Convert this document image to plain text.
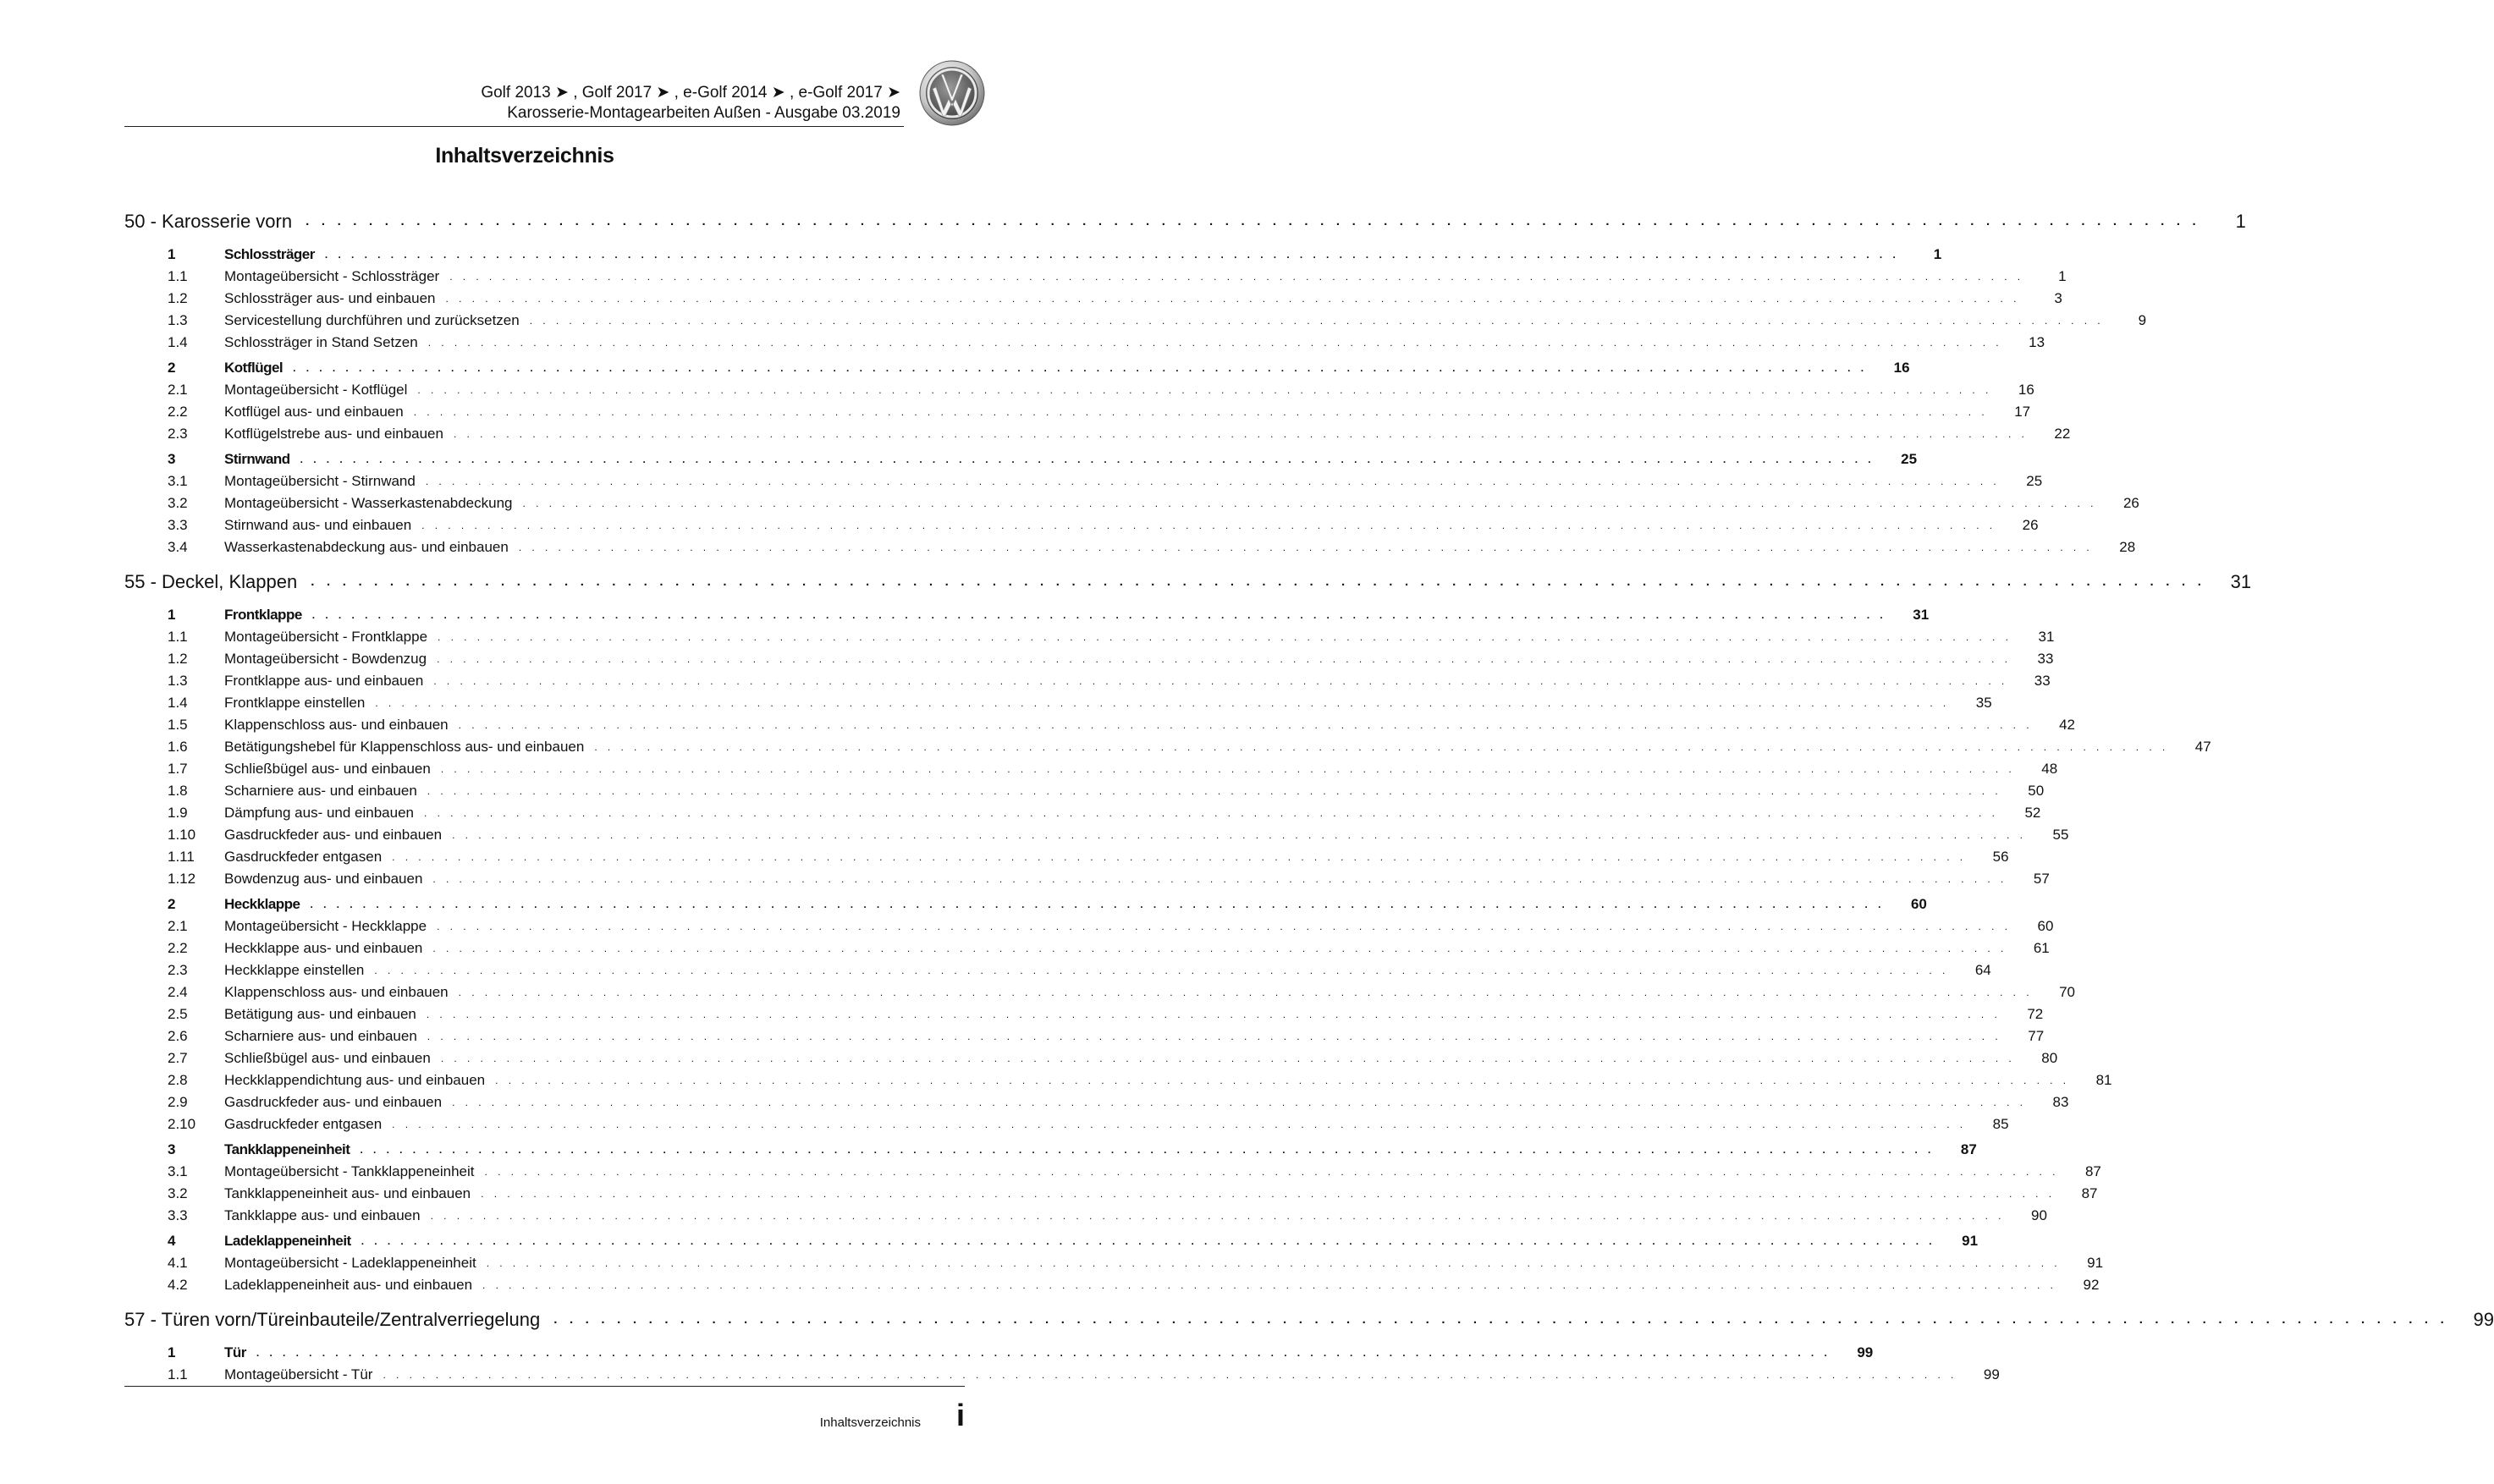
Golf 2013 ➤ , Golf 2017 ➤ , e-Golf 2014 ➤ , e-Golf 2017 ➤
Karosserie-Montagearbeiten Außen - Ausgabe 03.2019
Inhaltsverzeichnis
50 - Karosserie vorn	. . . . . . . . . . . . . . . . . . . . . . . . . . . . . . . . . . . . . . . . . . . . . . . . . . . . . . . . . . . . . . . . . . . . . . . . . . . . . . . . . . . . . . . . . . . . . . . . . . . . . . . . . . . . . . . . . . . . . . . .	1
1	Schlossträger	. . . . . . . . . . . . . . . . . . . . . . . . . . . . . . . . . . . . . . . . . . . . . . . . . . . . . . . . . . . . . . . . . . . . . . . . . . . . . . . . . . . . . . . . . . . . . . . . . . . . . . . . . . . . . . . . . . . . . . . .	1
1.1	Montageübersicht - Schlossträger	. . . . . . . . . . . . . . . . . . . . . . . . . . . . . . . . . . . . . . . . . . . . . . . . . . . . . . . . . . . . . . . . . . . . . . . . . . . . . . . . . . . . . . . . . . . . . . . . . . . . . . . . . . . . . . . . . . . . . . . .	1
1.2	Schlossträger aus- und einbauen	. . . . . . . . . . . . . . . . . . . . . . . . . . . . . . . . . . . . . . . . . . . . . . . . . . . . . . . . . . . . . . . . . . . . . . . . . . . . . . . . . . . . . . . . . . . . . . . . . . . . . . . . . . . . . . . . . . . . . . . .	3
1.3	Servicestellung durchführen und zurücksetzen	. . . . . . . . . . . . . . . . . . . . . . . . . . . . . . . . . . . . . . . . . . . . . . . . . . . . . . . . . . . . . . . . . . . . . . . . . . . . . . . . . . . . . . . . . . . . . . . . . . . . . . . . . . . . . . . . . . . . . . . .	9
1.4	Schlossträger in Stand Setzen	. . . . . . . . . . . . . . . . . . . . . . . . . . . . . . . . . . . . . . . . . . . . . . . . . . . . . . . . . . . . . . . . . . . . . . . . . . . . . . . . . . . . . . . . . . . . . . . . . . . . . . . . . . . . . . . . . . . . . . . .	13
2	Kotflügel	. . . . . . . . . . . . . . . . . . . . . . . . . . . . . . . . . . . . . . . . . . . . . . . . . . . . . . . . . . . . . . . . . . . . . . . . . . . . . . . . . . . . . . . . . . . . . . . . . . . . . . . . . . . . . . . . . . . . . . . .	16
2.1	Montageübersicht - Kotflügel	. . . . . . . . . . . . . . . . . . . . . . . . . . . . . . . . . . . . . . . . . . . . . . . . . . . . . . . . . . . . . . . . . . . . . . . . . . . . . . . . . . . . . . . . . . . . . . . . . . . . . . . . . . . . . . . . . . . . . . . .	16
2.2	Kotflügel aus- und einbauen	. . . . . . . . . . . . . . . . . . . . . . . . . . . . . . . . . . . . . . . . . . . . . . . . . . . . . . . . . . . . . . . . . . . . . . . . . . . . . . . . . . . . . . . . . . . . . . . . . . . . . . . . . . . . . . . . . . . . . . . .	17
2.3	Kotflügelstrebe aus- und einbauen	. . . . . . . . . . . . . . . . . . . . . . . . . . . . . . . . . . . . . . . . . . . . . . . . . . . . . . . . . . . . . . . . . . . . . . . . . . . . . . . . . . . . . . . . . . . . . . . . . . . . . . . . . . . . . . . . . . . . . . . .	22
3	Stirnwand	. . . . . . . . . . . . . . . . . . . . . . . . . . . . . . . . . . . . . . . . . . . . . . . . . . . . . . . . . . . . . . . . . . . . . . . . . . . . . . . . . . . . . . . . . . . . . . . . . . . . . . . . . . . . . . . . . . . . . . . .	25
3.1	Montageübersicht - Stirnwand	. . . . . . . . . . . . . . . . . . . . . . . . . . . . . . . . . . . . . . . . . . . . . . . . . . . . . . . . . . . . . . . . . . . . . . . . . . . . . . . . . . . . . . . . . . . . . . . . . . . . . . . . . . . . . . . . . . . . . . . .	25
3.2	Montageübersicht - Wasserkastenabdeckung	. . . . . . . . . . . . . . . . . . . . . . . . . . . . . . . . . . . . . . . . . . . . . . . . . . . . . . . . . . . . . . . . . . . . . . . . . . . . . . . . . . . . . . . . . . . . . . . . . . . . . . . . . . . . . . . . . . . . . . . .	26
3.3	Stirnwand aus- und einbauen	. . . . . . . . . . . . . . . . . . . . . . . . . . . . . . . . . . . . . . . . . . . . . . . . . . . . . . . . . . . . . . . . . . . . . . . . . . . . . . . . . . . . . . . . . . . . . . . . . . . . . . . . . . . . . . . . . . . . . . . .	26
3.4	Wasserkastenabdeckung aus- und einbauen	. . . . . . . . . . . . . . . . . . . . . . . . . . . . . . . . . . . . . . . . . . . . . . . . . . . . . . . . . . . . . . . . . . . . . . . . . . . . . . . . . . . . . . . . . . . . . . . . . . . . . . . . . . . . . . . . . . . . . . . .	28
55 - Deckel, Klappen	. . . . . . . . . . . . . . . . . . . . . . . . . . . . . . . . . . . . . . . . . . . . . . . . . . . . . . . . . . . . . . . . . . . . . . . . . . . . . . . . . . . . . . . . . . . . . . . . . . . . . . . . . . . . . . . . . . . . . . . .	31
1	Frontklappe	. . . . . . . . . . . . . . . . . . . . . . . . . . . . . . . . . . . . . . . . . . . . . . . . . . . . . . . . . . . . . . . . . . . . . . . . . . . . . . . . . . . . . . . . . . . . . . . . . . . . . . . . . . . . . . . . . . . . . . . .	31
1.1	Montageübersicht - Frontklappe	. . . . . . . . . . . . . . . . . . . . . . . . . . . . . . . . . . . . . . . . . . . . . . . . . . . . . . . . . . . . . . . . . . . . . . . . . . . . . . . . . . . . . . . . . . . . . . . . . . . . . . . . . . . . . . . . . . . . . . . .	31
1.2	Montageübersicht - Bowdenzug	. . . . . . . . . . . . . . . . . . . . . . . . . . . . . . . . . . . . . . . . . . . . . . . . . . . . . . . . . . . . . . . . . . . . . . . . . . . . . . . . . . . . . . . . . . . . . . . . . . . . . . . . . . . . . . . . . . . . . . . .	33
1.3	Frontklappe aus- und einbauen	. . . . . . . . . . . . . . . . . . . . . . . . . . . . . . . . . . . . . . . . . . . . . . . . . . . . . . . . . . . . . . . . . . . . . . . . . . . . . . . . . . . . . . . . . . . . . . . . . . . . . . . . . . . . . . . . . . . . . . . .	33
1.4	Frontklappe einstellen	. . . . . . . . . . . . . . . . . . . . . . . . . . . . . . . . . . . . . . . . . . . . . . . . . . . . . . . . . . . . . . . . . . . . . . . . . . . . . . . . . . . . . . . . . . . . . . . . . . . . . . . . . . . . . . . . . . . . . . . .	35
1.5	Klappenschloss aus- und einbauen	. . . . . . . . . . . . . . . . . . . . . . . . . . . . . . . . . . . . . . . . . . . . . . . . . . . . . . . . . . . . . . . . . . . . . . . . . . . . . . . . . . . . . . . . . . . . . . . . . . . . . . . . . . . . . . . . . . . . . . . .	42
1.6	Betätigungshebel für Klappenschloss aus- und einbauen	. . . . . . . . . . . . . . . . . . . . . . . . . . . . . . . . . . . . . . . . . . . . . . . . . . . . . . . . . . . . . . . . . . . . . . . . . . . . . . . . . . . . . . . . . . . . . . . . . . . . . . . . . . . . . . . . . . . . . . . .	47
1.7	Schließbügel aus- und einbauen	. . . . . . . . . . . . . . . . . . . . . . . . . . . . . . . . . . . . . . . . . . . . . . . . . . . . . . . . . . . . . . . . . . . . . . . . . . . . . . . . . . . . . . . . . . . . . . . . . . . . . . . . . . . . . . . . . . . . . . . .	48
1.8	Scharniere aus- und einbauen	. . . . . . . . . . . . . . . . . . . . . . . . . . . . . . . . . . . . . . . . . . . . . . . . . . . . . . . . . . . . . . . . . . . . . . . . . . . . . . . . . . . . . . . . . . . . . . . . . . . . . . . . . . . . . . . . . . . . . . . .	50
1.9	Dämpfung aus- und einbauen	. . . . . . . . . . . . . . . . . . . . . . . . . . . . . . . . . . . . . . . . . . . . . . . . . . . . . . . . . . . . . . . . . . . . . . . . . . . . . . . . . . . . . . . . . . . . . . . . . . . . . . . . . . . . . . . . . . . . . . . .	52
1.10	Gasdruckfeder aus- und einbauen	. . . . . . . . . . . . . . . . . . . . . . . . . . . . . . . . . . . . . . . . . . . . . . . . . . . . . . . . . . . . . . . . . . . . . . . . . . . . . . . . . . . . . . . . . . . . . . . . . . . . . . . . . . . . . . . . . . . . . . . .	55
1.11	Gasdruckfeder entgasen	. . . . . . . . . . . . . . . . . . . . . . . . . . . . . . . . . . . . . . . . . . . . . . . . . . . . . . . . . . . . . . . . . . . . . . . . . . . . . . . . . . . . . . . . . . . . . . . . . . . . . . . . . . . . . . . . . . . . . . . .	56
1.12	Bowdenzug aus- und einbauen	. . . . . . . . . . . . . . . . . . . . . . . . . . . . . . . . . . . . . . . . . . . . . . . . . . . . . . . . . . . . . . . . . . . . . . . . . . . . . . . . . . . . . . . . . . . . . . . . . . . . . . . . . . . . . . . . . . . . . . . .	57
2	Heckklappe	. . . . . . . . . . . . . . . . . . . . . . . . . . . . . . . . . . . . . . . . . . . . . . . . . . . . . . . . . . . . . . . . . . . . . . . . . . . . . . . . . . . . . . . . . . . . . . . . . . . . . . . . . . . . . . . . . . . . . . . .	60
2.1	Montageübersicht - Heckklappe	. . . . . . . . . . . . . . . . . . . . . . . . . . . . . . . . . . . . . . . . . . . . . . . . . . . . . . . . . . . . . . . . . . . . . . . . . . . . . . . . . . . . . . . . . . . . . . . . . . . . . . . . . . . . . . . . . . . . . . . .	60
2.2	Heckklappe aus- und einbauen	. . . . . . . . . . . . . . . . . . . . . . . . . . . . . . . . . . . . . . . . . . . . . . . . . . . . . . . . . . . . . . . . . . . . . . . . . . . . . . . . . . . . . . . . . . . . . . . . . . . . . . . . . . . . . . . . . . . . . . . .	61
2.3	Heckklappe einstellen	. . . . . . . . . . . . . . . . . . . . . . . . . . . . . . . . . . . . . . . . . . . . . . . . . . . . . . . . . . . . . . . . . . . . . . . . . . . . . . . . . . . . . . . . . . . . . . . . . . . . . . . . . . . . . . . . . . . . . . . .	64
2.4	Klappenschloss aus- und einbauen	. . . . . . . . . . . . . . . . . . . . . . . . . . . . . . . . . . . . . . . . . . . . . . . . . . . . . . . . . . . . . . . . . . . . . . . . . . . . . . . . . . . . . . . . . . . . . . . . . . . . . . . . . . . . . . . . . . . . . . . .	70
2.5	Betätigung aus- und einbauen	. . . . . . . . . . . . . . . . . . . . . . . . . . . . . . . . . . . . . . . . . . . . . . . . . . . . . . . . . . . . . . . . . . . . . . . . . . . . . . . . . . . . . . . . . . . . . . . . . . . . . . . . . . . . . . . . . . . . . . . .	72
2.6	Scharniere aus- und einbauen	. . . . . . . . . . . . . . . . . . . . . . . . . . . . . . . . . . . . . . . . . . . . . . . . . . . . . . . . . . . . . . . . . . . . . . . . . . . . . . . . . . . . . . . . . . . . . . . . . . . . . . . . . . . . . . . . . . . . . . . .	77
2.7	Schließbügel aus- und einbauen	. . . . . . . . . . . . . . . . . . . . . . . . . . . . . . . . . . . . . . . . . . . . . . . . . . . . . . . . . . . . . . . . . . . . . . . . . . . . . . . . . . . . . . . . . . . . . . . . . . . . . . . . . . . . . . . . . . . . . . . .	80
2.8	Heckklappendichtung aus- und einbauen	. . . . . . . . . . . . . . . . . . . . . . . . . . . . . . . . . . . . . . . . . . . . . . . . . . . . . . . . . . . . . . . . . . . . . . . . . . . . . . . . . . . . . . . . . . . . . . . . . . . . . . . . . . . . . . . . . . . . . . . .	81
2.9	Gasdruckfeder aus- und einbauen	. . . . . . . . . . . . . . . . . . . . . . . . . . . . . . . . . . . . . . . . . . . . . . . . . . . . . . . . . . . . . . . . . . . . . . . . . . . . . . . . . . . . . . . . . . . . . . . . . . . . . . . . . . . . . . . . . . . . . . . .	83
2.10	Gasdruckfeder entgasen	. . . . . . . . . . . . . . . . . . . . . . . . . . . . . . . . . . . . . . . . . . . . . . . . . . . . . . . . . . . . . . . . . . . . . . . . . . . . . . . . . . . . . . . . . . . . . . . . . . . . . . . . . . . . . . . . . . . . . . . .	85
3	Tankklappeneinheit	. . . . . . . . . . . . . . . . . . . . . . . . . . . . . . . . . . . . . . . . . . . . . . . . . . . . . . . . . . . . . . . . . . . . . . . . . . . . . . . . . . . . . . . . . . . . . . . . . . . . . . . . . . . . . . . . . . . . . . . .	87
3.1	Montageübersicht - Tankklappeneinheit	. . . . . . . . . . . . . . . . . . . . . . . . . . . . . . . . . . . . . . . . . . . . . . . . . . . . . . . . . . . . . . . . . . . . . . . . . . . . . . . . . . . . . . . . . . . . . . . . . . . . . . . . . . . . . . . . . . . . . . . .	87
3.2	Tankklappeneinheit aus- und einbauen	. . . . . . . . . . . . . . . . . . . . . . . . . . . . . . . . . . . . . . . . . . . . . . . . . . . . . . . . . . . . . . . . . . . . . . . . . . . . . . . . . . . . . . . . . . . . . . . . . . . . . . . . . . . . . . . . . . . . . . . .	87
3.3	Tankklappe aus- und einbauen	. . . . . . . . . . . . . . . . . . . . . . . . . . . . . . . . . . . . . . . . . . . . . . . . . . . . . . . . . . . . . . . . . . . . . . . . . . . . . . . . . . . . . . . . . . . . . . . . . . . . . . . . . . . . . . . . . . . . . . . .	90
4	Ladeklappeneinheit	. . . . . . . . . . . . . . . . . . . . . . . . . . . . . . . . . . . . . . . . . . . . . . . . . . . . . . . . . . . . . . . . . . . . . . . . . . . . . . . . . . . . . . . . . . . . . . . . . . . . . . . . . . . . . . . . . . . . . . . .	91
4.1	Montageübersicht - Ladeklappeneinheit	. . . . . . . . . . . . . . . . . . . . . . . . . . . . . . . . . . . . . . . . . . . . . . . . . . . . . . . . . . . . . . . . . . . . . . . . . . . . . . . . . . . . . . . . . . . . . . . . . . . . . . . . . . . . . . . . . . . . . . . .	91
4.2	Ladeklappeneinheit aus- und einbauen	. . . . . . . . . . . . . . . . . . . . . . . . . . . . . . . . . . . . . . . . . . . . . . . . . . . . . . . . . . . . . . . . . . . . . . . . . . . . . . . . . . . . . . . . . . . . . . . . . . . . . . . . . . . . . . . . . . . . . . . .	92
57 - Türen vorn/Türeinbauteile/Zentralverriegelung	. . . . . . . . . . . . . . . . . . . . . . . . . . . . . . . . . . . . . . . . . . . . . . . . . . . . . . . . . . . . . . . . . . . . . . . . . . . . . . . . . . . . . . . . . . . . . . . . . . . . . . . . . . . . . . . . . . . . . . . .	99
1	Tür	. . . . . . . . . . . . . . . . . . . . . . . . . . . . . . . . . . . . . . . . . . . . . . . . . . . . . . . . . . . . . . . . . . . . . . . . . . . . . . . . . . . . . . . . . . . . . . . . . . . . . . . . . . . . . . . . . . . . . . . .	99
1.1	Montageübersicht - Tür	. . . . . . . . . . . . . . . . . . . . . . . . . . . . . . . . . . . . . . . . . . . . . . . . . . . . . . . . . . . . . . . . . . . . . . . . . . . . . . . . . . . . . . . . . . . . . . . . . . . . . . . . . . . . . . . . . . . . . . . .	99
Inhaltsverzeichnis i
